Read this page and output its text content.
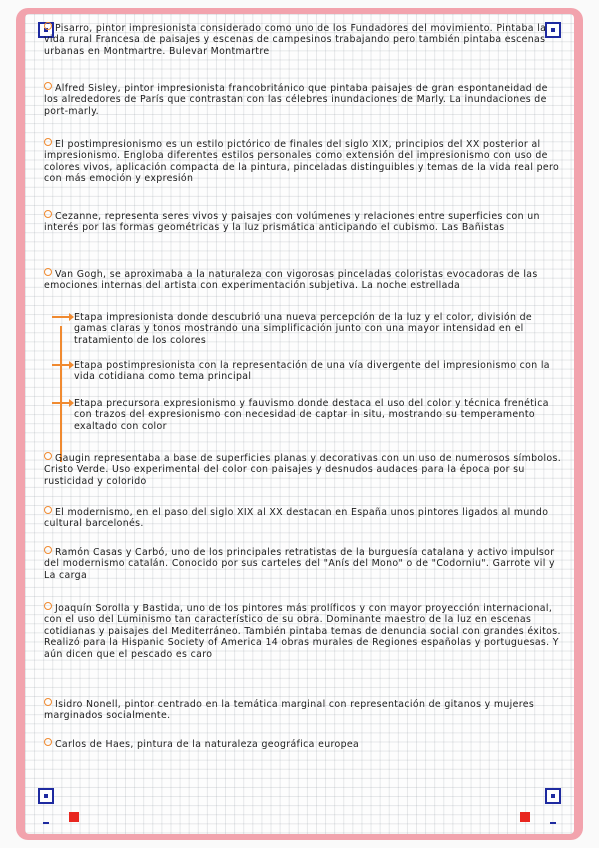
Pisarro, pintor impresionista considerado como uno de los Fundadores del movimiento. Pintaba la vida rural Francesa de paisajes y escenas de campesinos trabajando pero también pintaba escenas urbanas en Montmartre. Bulevar Montmartre

Alfred Sisley, pintor impresionista francobritánico que pintaba paisajes de gran espontaneidad de los alrededores de París que contrastan con las célebres inundaciones de Marly. La inundaciones de port-marly.

El postimpresionismo es un estilo pictórico de finales del siglo XIX, principios del XX posterior al impresionismo. Engloba diferentes estilos personales como extensión del impresionismo con uso de colores vivos, aplicación compacta de la pintura, pinceladas distinguibles y temas de la vida real pero con más emoción y expresión

Cezanne, representa seres vivos y paisajes con volúmenes y relaciones entre superficies con un interés por las formas geométricas y la luz prismática anticipando el cubismo. Las Bañistas

Van Gogh, se aproximaba a la naturaleza con vigorosas pinceladas coloristas evocadoras de las emociones internas del artista con experimentación subjetiva. La noche estrellada

Etapa impresionista donde descubrió una nueva percepción de la luz y el color, división de gamas claras y tonos mostrando una simplificación junto con una mayor intensidad en el tratamiento de los colores

Etapa postimpresionista con la representación de una vía divergente del impresionismo con la vida cotidiana como tema principal

Etapa precursora expresionismo y fauvismo donde destaca el uso del color y técnica frenética con trazos del expresionismo con necesidad de captar in situ, mostrando su temperamento exaltado con color

Gaugin representaba a base de superficies planas y decorativas con un uso de numerosos símbolos. Cristo Verde. Uso experimental del color con paisajes y desnudos audaces para la época por su rusticidad y colorido

El modernismo, en el paso del siglo XIX al XX destacan en España unos pintores ligados al mundo cultural barcelonés.

Ramón Casas y Carbó, uno de los principales retratistas de la burguesía catalana y activo impulsor del modernismo catalán. Conocido por sus carteles del "Anís del Mono" o de "Codorniu". Garrote vil y La carga

Joaquín Sorolla y Bastida, uno de los pintores más prolíficos y con mayor proyección internacional, con el uso del Luminismo tan característico de su obra. Dominante maestro de la luz en escenas cotidianas y paisajes del Mediterráneo. También pintaba temas de denuncia social con grandes éxitos. Realizó para la Hispanic Society of America 14 obras murales de Regiones españolas y portuguesas. Y aún dicen que el pescado es caro

Isidro Nonell, pintor centrado en la temática marginal con representación de gitanos y mujeres marginados socialmente.

Carlos de Haes, pintura de la naturaleza geográfica europea
